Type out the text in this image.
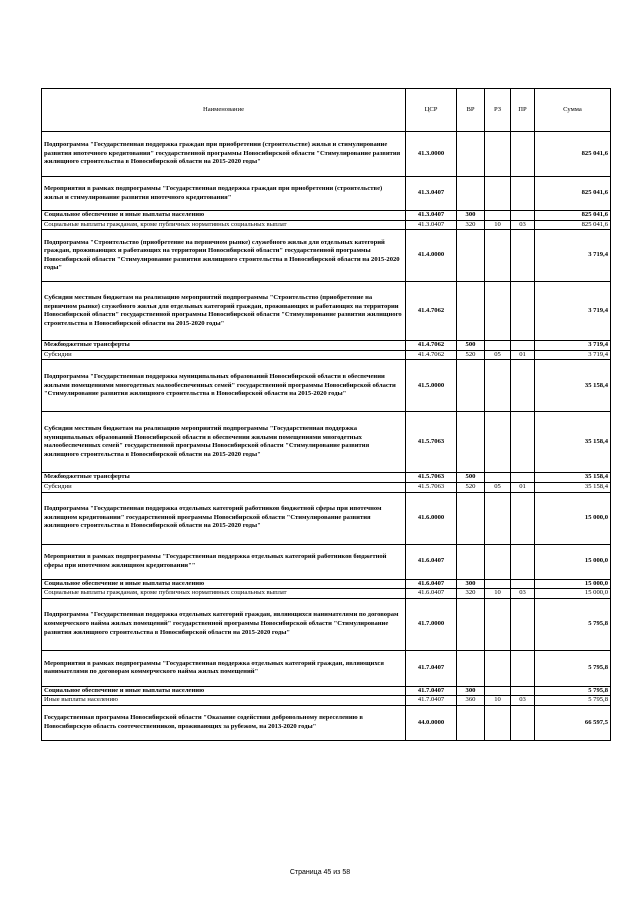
Наименование	ЦСР	ВР	РЗ	ПР	Сумма
Подпрограмма "Государственная поддержка граждан при приобретении (строительстве) жилья и стимулирование развития ипотечного кредитования" государственной программы Новосибирской области "Стимулирование развития жилищного строительства в Новосибирской области на 2015-2020 годы"	41.3.0000				825 041,6
Мероприятия в рамках подпрограммы "Государственная поддержка граждан при приобретении (строительстве) жилья и стимулирование развития ипотечного кредитования"	41.3.0407				825 041,6
Социальное обеспечение и иные выплаты населению	41.3.0407	300			825 041,6
Социальные выплаты гражданам, кроме публичных нормативных социальных выплат	41.3.0407	320	10	03	825 041,6
Подпрограмма "Строительство (приобретение на первичном рынке) служебного жилья для отдельных категорий граждан, проживающих и работающих на территории Новосибирской области" государственной программы Новосибирской области "Стимулирование развития жилищного строительства в Новосибирской области на 2015-2020 годы"	41.4.0000				3 719,4
Субсидии местным бюджетам на реализацию мероприятий подпрограммы "Строительство (приобретение на первичном рынке) служебного жилья для отдельных категорий граждан, проживающих и работающих на территории Новосибирской области" государственной программы Новосибирской области "Стимулирование развития жилищного строительства в Новосибирской области на 2015-2020 годы"	41.4.7062				3 719,4
Межбюджетные трансферты	41.4.7062	500			3 719,4
Субсидии	41.4.7062	520	05	01	3 719,4
Подпрограмма "Государственная поддержка муниципальных образований Новосибирской области в обеспечении жилыми помещениями многодетных малообеспеченных семей" государственной программы Новосибирской области "Стимулирование развития жилищного строительства в Новосибирской области на 2015-2020 годы"	41.5.0000				35 158,4
Субсидии местным бюджетам на реализацию мероприятий подпрограммы "Государственная поддержка муниципальных образований Новосибирской области в обеспечении жилыми помещениями многодетных малообеспеченных семей" государственной программы Новосибирской области "Стимулирование развития жилищного строительства в Новосибирской области на 2015-2020 годы"	41.5.7063				35 158,4
Межбюджетные трансферты	41.5.7063	500			35 158,4
Субсидии	41.5.7063	520	05	01	35 158,4
Подпрограмма "Государственная поддержка отдельных категорий работников бюджетной сферы при ипотечном жилищном кредитовании" государственной программы Новосибирской области "Стимулирование развития жилищного строительства в Новосибирской области на 2015-2020 годы"	41.6.0000				15 000,0
Мероприятия в рамках подпрограммы "Государственная поддержка отдельных категорий работников бюджетной сферы при ипотечном жилищном кредитовании""	41.6.0407				15 000,0
Социальное обеспечение и иные выплаты населению	41.6.0407	300			15 000,0
Социальные выплаты гражданам, кроме публичных нормативных социальных выплат	41.6.0407	320	10	03	15 000,0
Подпрограмма "Государственная поддержка отдельных категорий граждан, являющихся нанимателями по договорам коммерческого найма жилых помещений" государственной программы Новосибирской области "Стимулирование развития жилищного строительства в Новосибирской области на 2015-2020 годы"	41.7.0000				5 795,8
Мероприятия в рамках подпрограммы "Государственная поддержка отдельных категорий граждан, являющихся нанимателями по договорам коммерческого найма жилых помещений"	41.7.0407				5 795,8
Социальное обеспечение и иные выплаты населению	41.7.0407	300			5 795,8
Иные выплаты населению	41.7.0407	360	10	03	5 795,8
Государственная программа Новосибирской области "Оказание содействия добровольному переселению в Новосибирскую область соотечественников, проживающих за рубежом, на 2013-2020 годы"	44.0.0000				66 597,5
Страница 45 из 58
